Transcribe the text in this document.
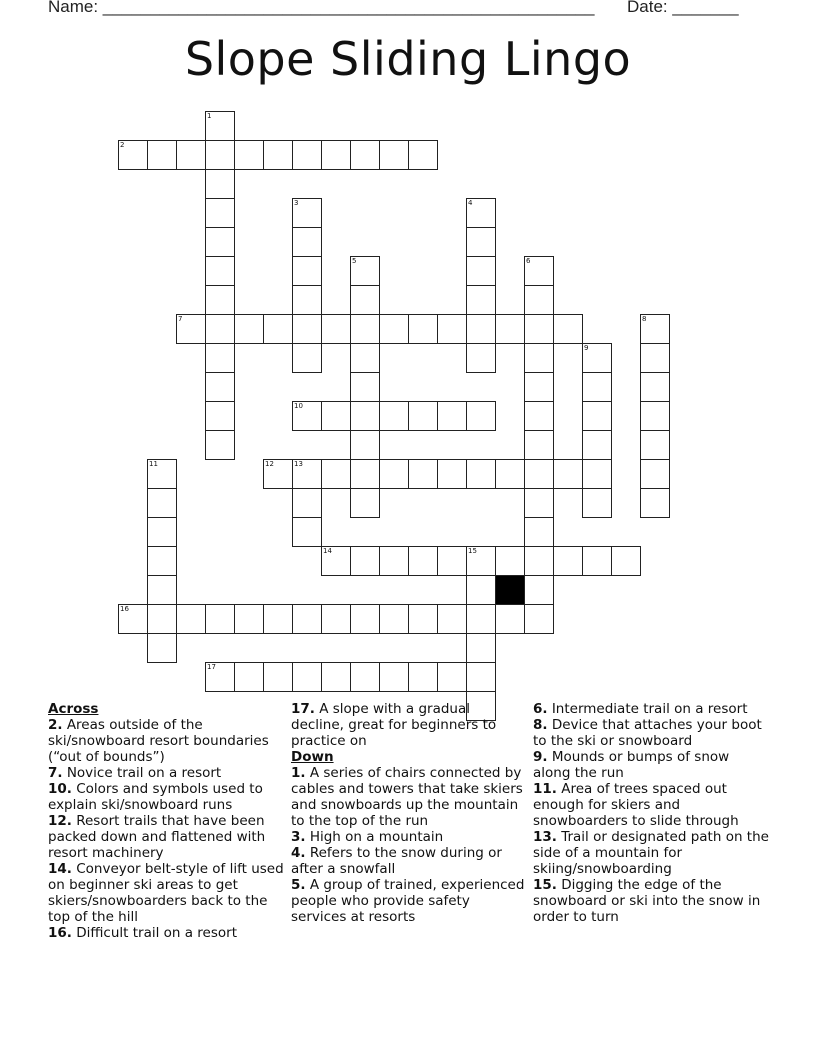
Name: ____________________________________________________ Date: _______
Slope Sliding Lingo
1
2
3	4
5	6
7	8
9
10
11	12	13
14	15
16
17
Across
2. Areas outside of the ski/snowboard resort boundaries (“out of bounds”)
7. Novice trail on a resort
10. Colors and symbols used to explain ski/snowboard runs
12. Resort trails that have been packed down and flattened with resort machinery
14. Conveyor belt-style of lift used on beginner ski areas to get skiers/snowboarders back to the top of the hill
16. Difficult trail on a resort
17. A slope with a gradual decline, great for beginners to practice on
Down
1. A series of chairs connected by cables and towers that take skiers and snowboards up the mountain to the top of the run
3. High on a mountain
4. Refers to the snow during or after a snowfall
5. A group of trained, experienced people who provide safety services at resorts
6. Intermediate trail on a resort
8. Device that attaches your boot to the ski or snowboard
9. Mounds or bumps of snow along the run
11. Area of trees spaced out enough for skiers and snowboarders to slide through
13. Trail or designated path on the side of a mountain for skiing/snowboarding
15. Digging the edge of the snowboard or ski into the snow in order to turn
